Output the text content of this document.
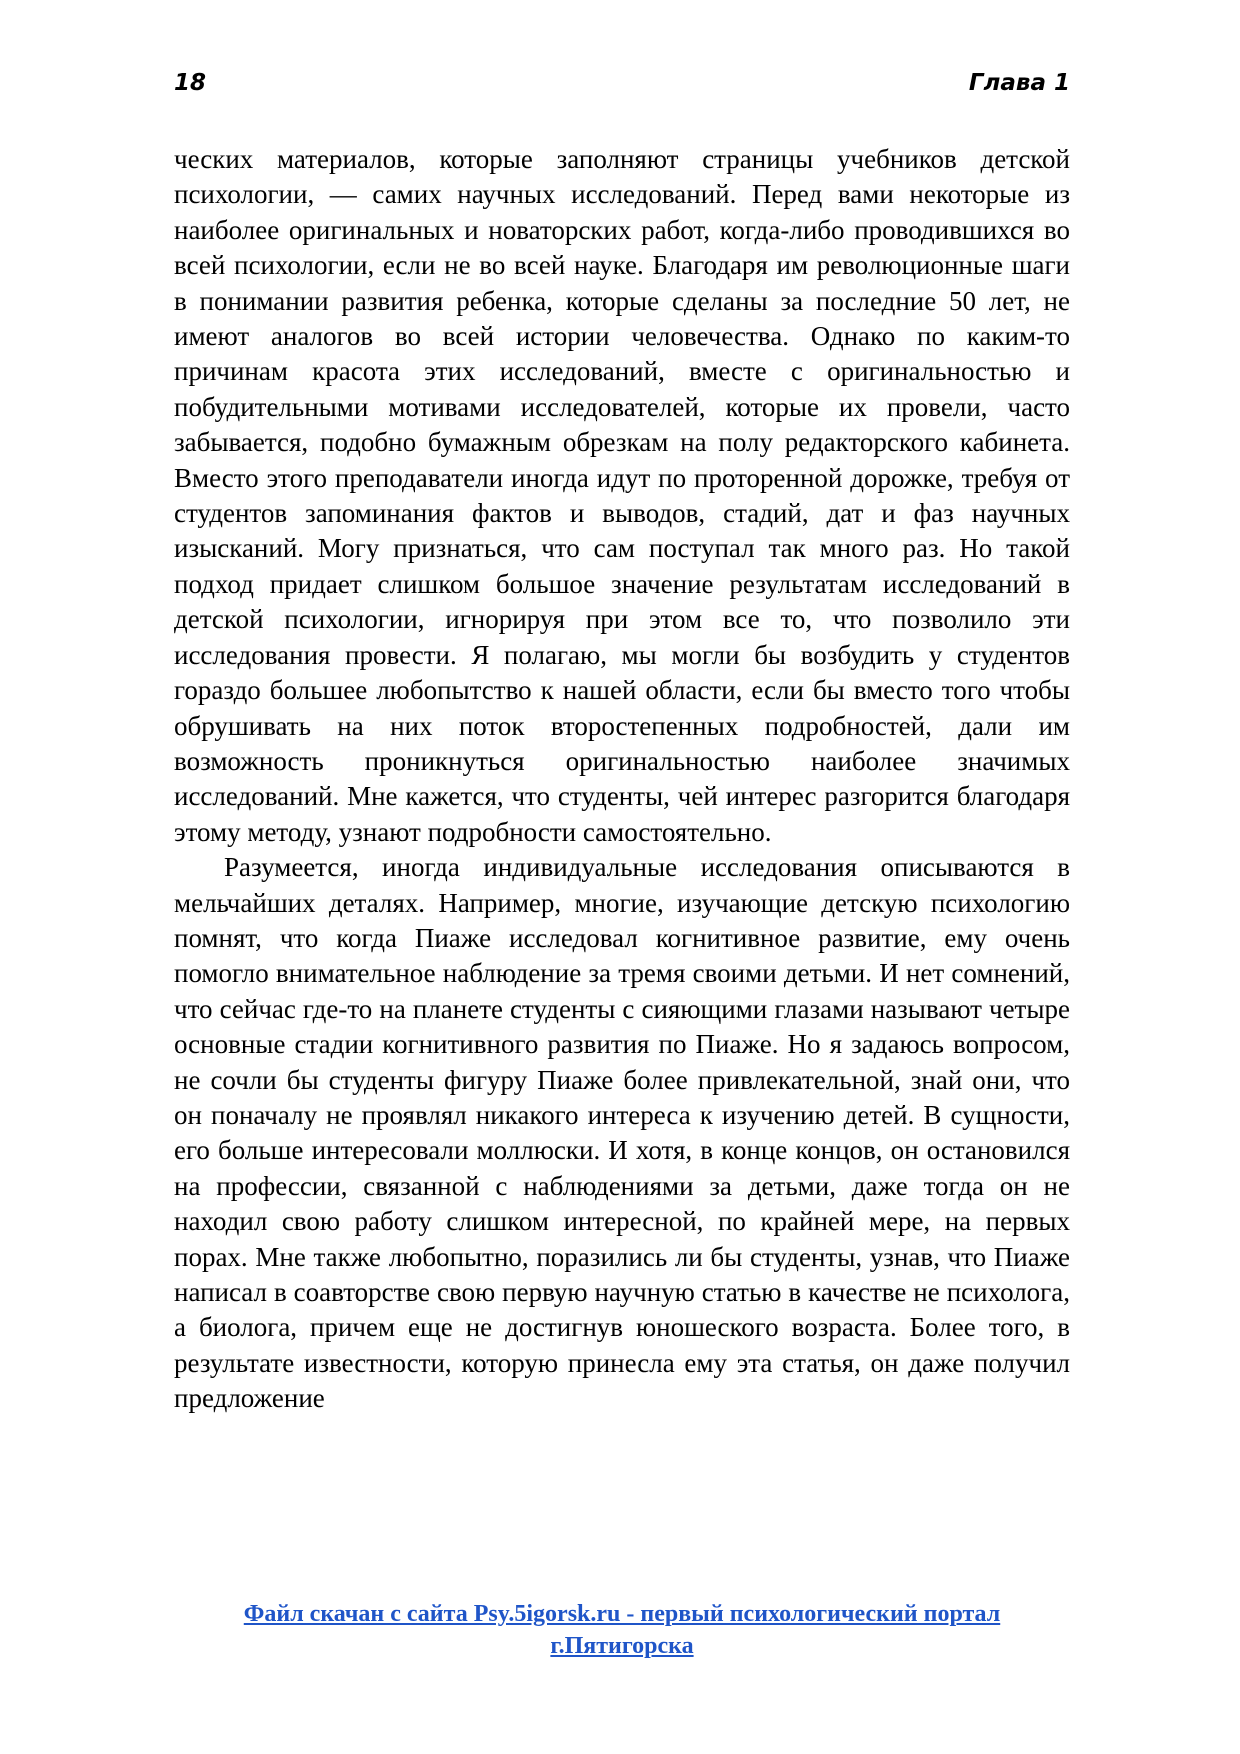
18	Глава 1

ческих материалов, которые заполняют страницы учебников детской психологии, — самих научных исследований. Перед вами некоторые из наиболее оригинальных и новаторских работ, когда-либо проводившихся во всей психологии, если не во всей науке. Благодаря им революционные шаги в понимании развития ребенка, которые сделаны за последние 50 лет, не имеют аналогов во всей истории человечества. Однако по каким-то причинам красота этих исследований, вместе с оригинальностью и побудительными мотивами исследователей, которые их провели, часто забывается, подобно бумажным обрезкам на полу редакторского кабинета. Вместо этого преподаватели иногда идут по проторенной дорожке, требуя от студентов запоминания фактов и выводов, стадий, дат и фаз научных изысканий. Могу признаться, что сам поступал так много раз. Но такой подход придает слишком большое значение результатам исследований в детской психологии, игнорируя при этом все то, что позволило эти исследования провести. Я полагаю, мы могли бы возбудить у студентов гораздо большее любопытство к нашей области, если бы вместо того чтобы обрушивать на них поток второстепенных подробностей, дали им возможность проникнуться оригинальностью наиболее значимых исследований. Мне кажется, что студенты, чей интерес разгорится благодаря этому методу, узнают подробности самостоятельно.

Разумеется, иногда индивидуальные исследования описываются в мельчайших деталях. Например, многие, изучающие детскую психологию помнят, что когда Пиаже исследовал когнитивное развитие, ему очень помогло внимательное наблюдение за тремя своими детьми. И нет сомнений, что сейчас где-то на планете студенты с сияющими глазами называют четыре основные стадии когнитивного развития по Пиаже. Но я задаюсь вопросом, не сочли бы студенты фигуру Пиаже более привлекательной, знай они, что он поначалу не проявлял никакого интереса к изучению детей. В сущности, его больше интересовали моллюски. И хотя, в конце концов, он остановился на профессии, связанной с наблюдениями за детьми, даже тогда он не находил свою работу слишком интересной, по крайней мере, на первых порах. Мне также любопытно, поразились ли бы студенты, узнав, что Пиаже написал в соавторстве свою первую научную статью в качестве не психолога, а биолога, причем еще не достигнув юношеского возраста. Более того, в результате известности, которую принесла ему эта статья, он даже получил предложение

Файл скачан с сайта Psy.5igorsk.ru - первый психологический портал
г.Пятигорска
